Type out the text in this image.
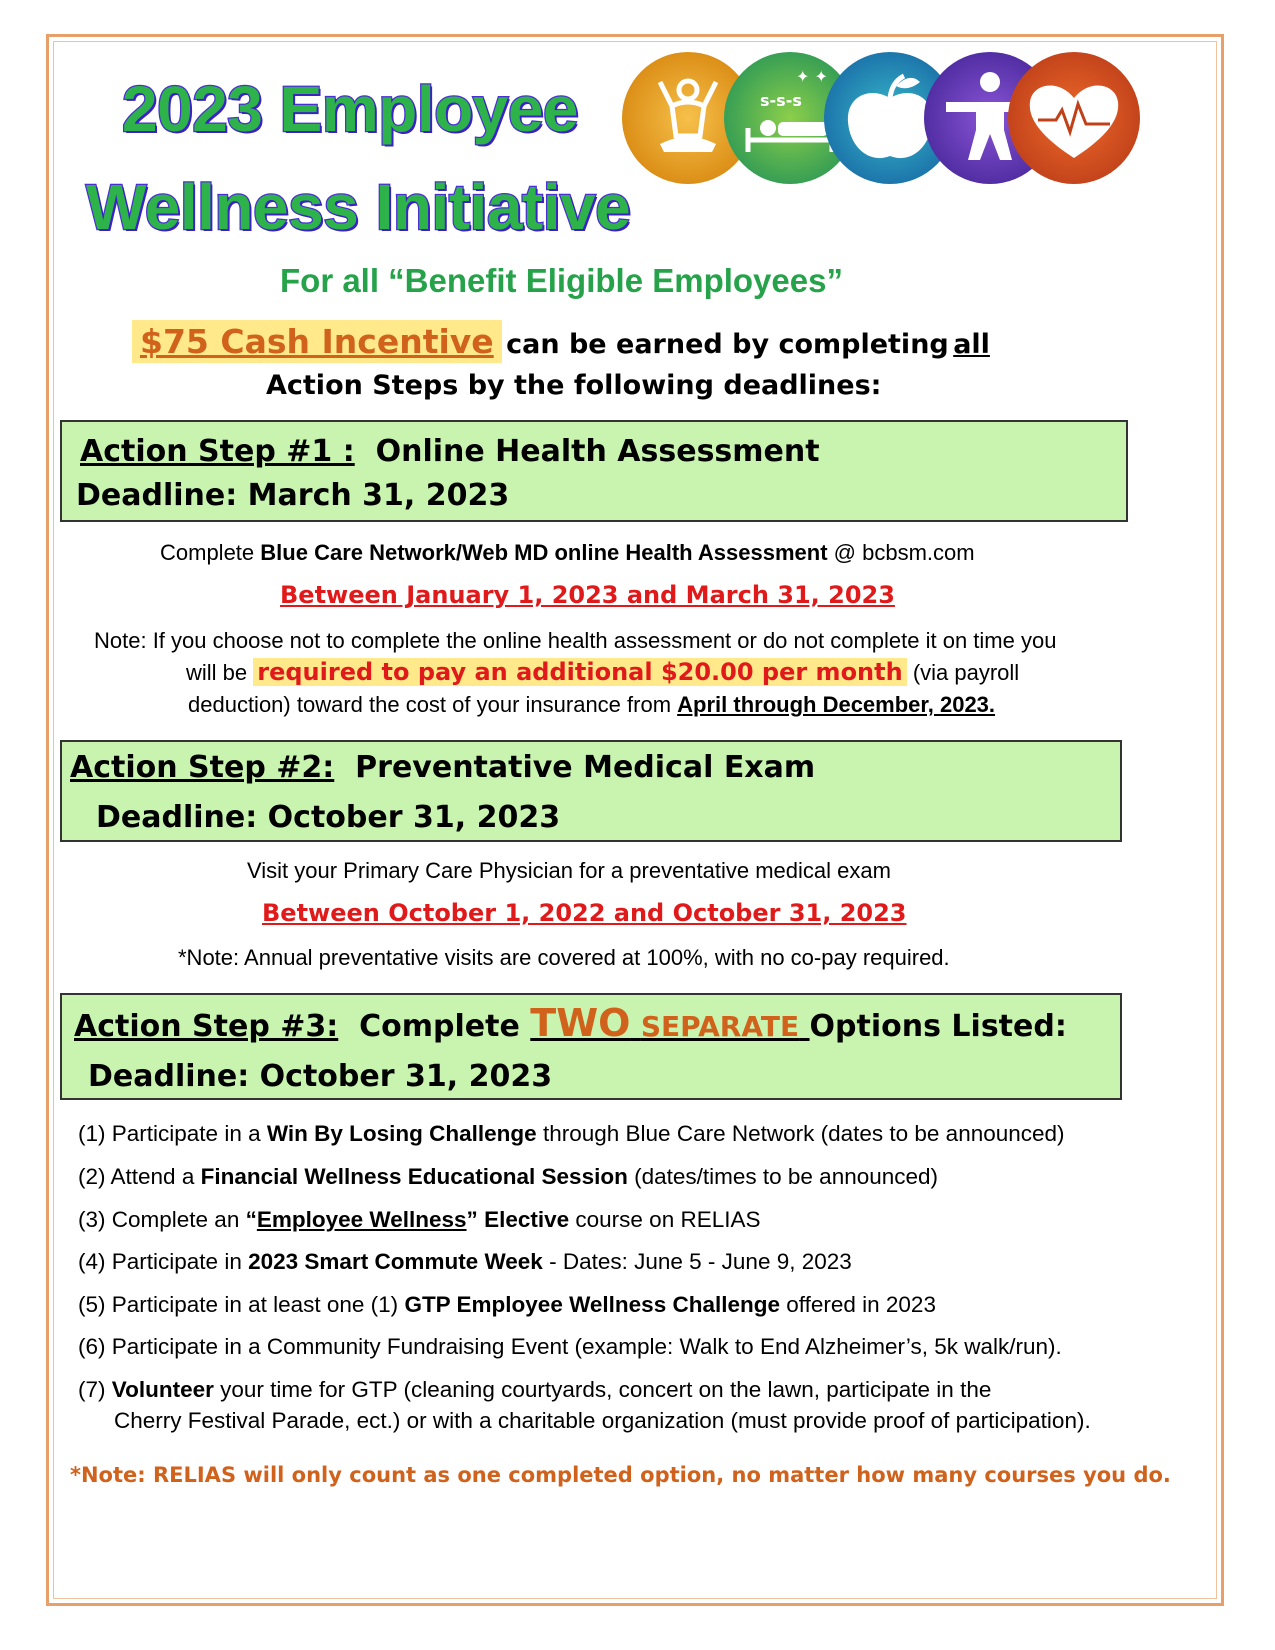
2023 Employee
Wellness Initiative
s-s-s
✦ ✦
For all “Benefit Eligible Employees”
$75 Cash Incentive can be earned by completing all
Action Steps by the following deadlines:
Action Step #1 : Online Health Assessment
Deadline: March 31, 2023
Complete Blue Care Network/Web MD online Health Assessment @ bcbsm.com
Between January 1, 2023 and March 31, 2023
Note: If you choose not to complete the online health assessment or do not complete it on time you
will be required to pay an additional $20.00 per month (via payroll
deduction) toward the cost of your insurance from April through December, 2023.
Action Step #2: Preventative Medical Exam
Deadline: October 31, 2023
Visit your Primary Care Physician for a preventative medical exam
Between October 1, 2022 and October 31, 2023
*Note: Annual preventative visits are covered at 100%, with no co-pay required.
Action Step #3: Complete TWO SEPARATE Options Listed:
Deadline: October 31, 2023
(1) Participate in a Win By Losing Challenge through Blue Care Network (dates to be announced)
(2) Attend a Financial Wellness Educational Session (dates/times to be announced)
(3) Complete an “Employee Wellness” Elective course on RELIAS
(4) Participate in 2023 Smart Commute Week - Dates: June 5 - June 9, 2023
(5) Participate in at least one (1) GTP Employee Wellness Challenge offered in 2023
(6) Participate in a Community Fundraising Event (example: Walk to End Alzheimer’s, 5k walk/run).
(7) Volunteer your time for GTP (cleaning courtyards, concert on the lawn, participate in the
Cherry Festival Parade, ect.) or with a charitable organization (must provide proof of participation).
*Note: RELIAS will only count as one completed option, no matter how many courses you do.
